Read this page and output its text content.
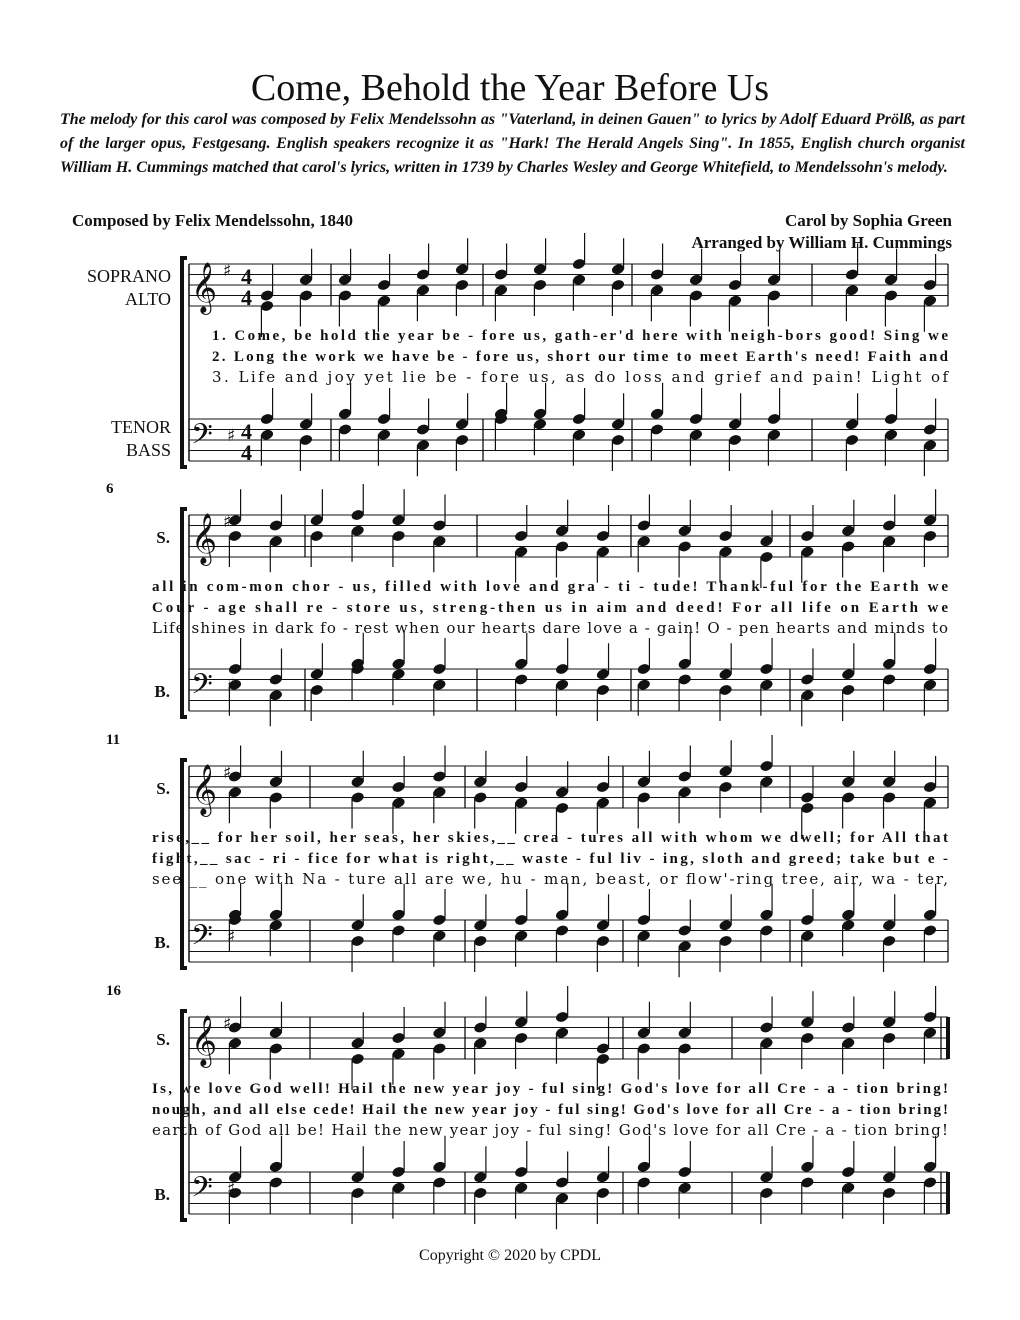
Come, Behold the Year Before Us
The melody for this carol was composed by Felix Mendelssohn as "Vaterland, in deinen Gauen" to lyrics by Adolf Eduard Prölß, as part of the larger opus, Festgesang. English speakers recognize it as "Hark! The Herald Angels Sing". In 1855, English church organist William H. Cummings matched that carol's lyrics, written in 1739 by Charles Wesley and George Whitefield, to Mendelssohn's melody.
Composed by Felix Mendelssohn, 1840	Carol by Sophia Green
Arranged by William H. Cummings
𝄞 ♯ 4
4
𝄢 ♯ 4
4
SOPRANO
ALTO
TENOR
BASS
1. Come, be hold the year be - fore us, gath-er'd here with neigh-bors good! Sing we
2. Long the work we have be - fore us, short our time to meet Earth's need! Faith and
3. Life and joy yet lie be - fore us, as do loss and grief and pain! Light of
𝄞 ♯
𝄢 ♯
S.
B.
6
all in com-mon chor - us, filled with love and gra - ti - tude! Thank-ful for the Earth we
Cour - age shall re - store us, streng-then us in aim and deed! For all life on Earth we
Life shines in dark fo - rest when our hearts dare love a - gain! O - pen hearts and minds to
𝄞 ♯
𝄢 ♯
S.
B.
11
rise,__ for her soil, her seas, her skies,__ crea - tures all with whom we dwell; for All that
fight,__ sac - ri - fice for what is right,__ waste - ful liv - ing, sloth and greed; take but e -
see __ one with Na - ture all are we, hu - man, beast, or flow'-ring tree, air, wa - ter,
𝄞 ♯
𝄢 ♯
S.
B.
16
Is, we love God well! Hail the new year joy - ful sing! God's love for all Cre - a - tion bring!
nough, and all else cede! Hail the new year joy - ful sing! God's love for all Cre - a - tion bring!
earth of God all be! Hail the new year joy - ful sing! God's love for all Cre - a - tion bring!
Copyright © 2020 by CPDL
